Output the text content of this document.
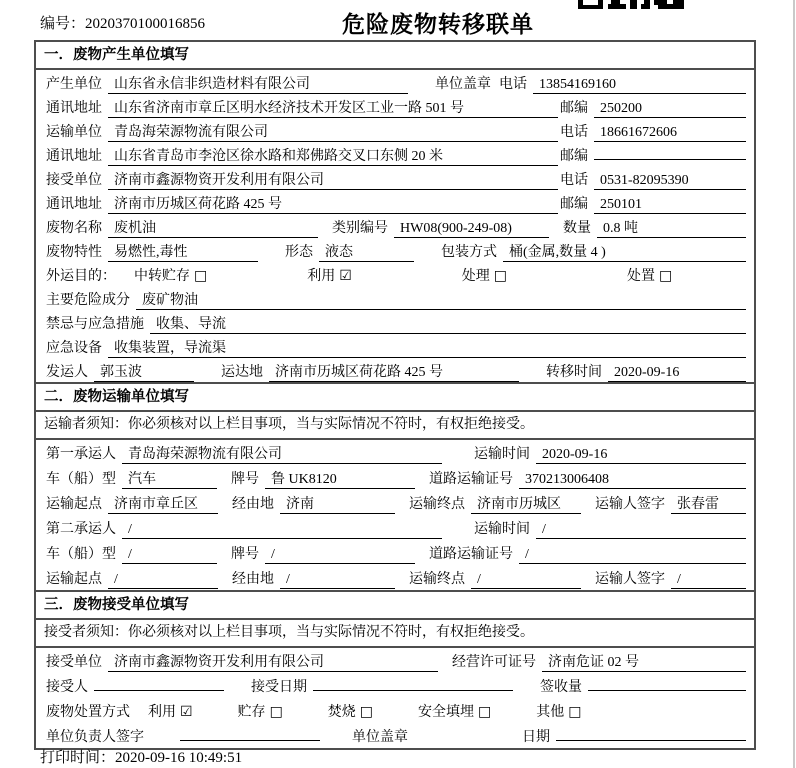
编号：2020370100016856	危险废物转移联单
一．废物产生单位填写
产生单位 山东省永信非织造材料有限公司	单位盖章 电话 13854169160
通讯地址 山东省济南市章丘区明水经济技术开发区工业一路 501 号	邮编 250200
运输单位 青岛海荣源物流有限公司	电话 18661672606
通讯地址 山东省青岛市李沧区徐水路和郑佛路交叉口东侧 20 米	邮编
接受单位 济南市鑫源物资开发利用有限公司	电话 0531-82095390
通讯地址 济南市历城区荷花路 425 号	邮编 250101
废物名称 废机油	类别编号 HW08(900-249-08)	数量 0.8 吨
废物特性 易燃性,毒性	形态 液态	包装方式 桶(金属,数量 4 )
外运目的：	中转贮存 □	利用 ☑	处理 □	处置 □
主要危险成分 废矿物油
禁忌与应急措施 收集、导流
应急设备 收集装置，导流渠
发运人 郭玉波	运达地 济南市历城区荷花路 425 号	转移时间 2020-09-16
二．废物运输单位填写
运输者须知：你必须核对以上栏目事项，当与实际情况不符时，有权拒绝接受。
第一承运人 青岛海荣源物流有限公司	运输时间 2020-09-16
车（船）型 汽车	牌号 鲁 UK8120	道路运输证号 370213006408
运输起点 济南市章丘区	经由地 济南	运输终点 济南市历城区	运输人签字 张春雷
第二承运人 /	运输时间 /
车（船）型 /	牌号 /	道路运输证号 /
运输起点 /	经由地 /	运输终点 /	运输人签字 /
三．废物接受单位填写
接受者须知：你必须核对以上栏目事项，当与实际情况不符时，有权拒绝接受。
接受单位 济南市鑫源物资开发利用有限公司	经营许可证号 济南危证 02 号
接受人	接受日期	签收量
废物处置方式	利用 ☑	贮存 □	焚烧 □	安全填埋 □	其他 □
单位负责人签字	单位盖章	日期
打印时间：2020-09-16 10:49:51
